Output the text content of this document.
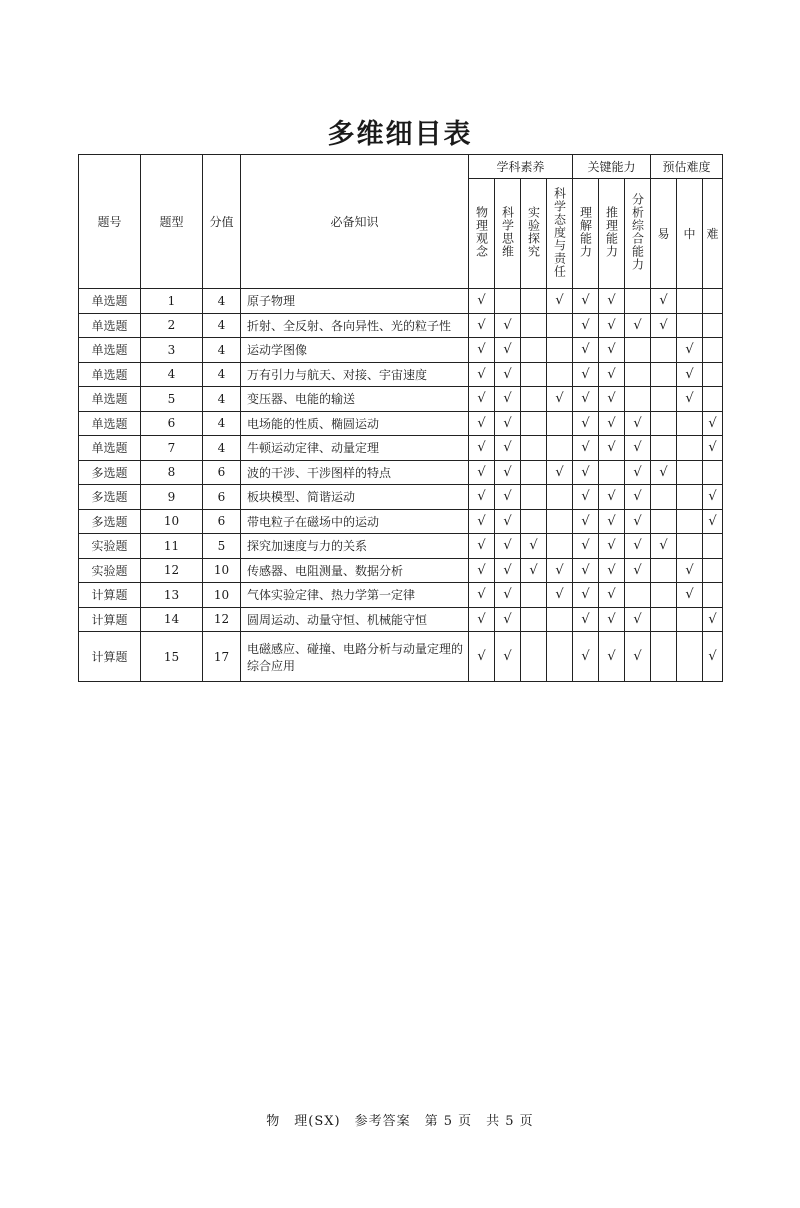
多维细目表
题号	题型	分值	必备知识	学科素养				关键能力			预估难度		
				物理观念	科学思维	实验探究	科学态度与责任	理解能力	推理能力	分析综合能力	易	中	难
单选题	1	4	原子物理	√			√	√	√		√		
单选题	2	4	折射、全反射、各向异性、光的粒子性	√	√			√	√	√	√		
单选题	3	4	运动学图像	√	√			√	√			√	
单选题	4	4	万有引力与航天、对接、宇宙速度	√	√			√	√			√	
单选题	5	4	变压器、电能的输送	√	√		√	√	√			√	
单选题	6	4	电场能的性质、椭圆运动	√	√			√	√	√			√
单选题	7	4	牛顿运动定律、动量定理	√	√			√	√	√			√
多选题	8	6	波的干涉、干涉图样的特点	√	√		√	√		√	√		
多选题	9	6	板块模型、简谐运动	√	√			√	√	√			√
多选题	10	6	带电粒子在磁场中的运动	√	√			√	√	√			√
实验题	11	5	探究加速度与力的关系	√	√	√		√	√	√	√		
实验题	12	10	传感器、电阻测量、数据分析	√	√	√	√	√	√	√		√	
计算题	13	10	气体实验定律、热力学第一定律	√	√		√	√	√			√	
计算题	14	12	圆周运动、动量守恒、机械能守恒	√	√			√	√	√			√
计算题	15	17	电磁感应、碰撞、电路分析与动量定理的综合应用	√	√			√	√	√			√
物　理(SX)　参考答案　第 5 页　共 5 页
